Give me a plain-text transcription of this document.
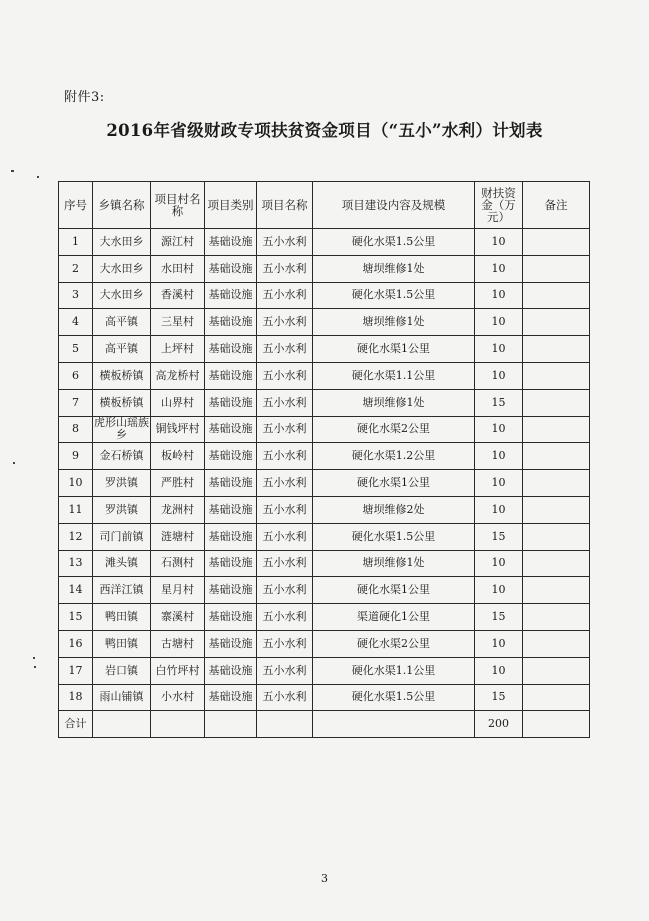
附件3:
2016年省级财政专项扶贫资金项目（“五小”水利）计划表
序号	乡镇名称	项目村名称	项目类别	项目名称	项目建设内容及规模	财扶资金（万元）	备注
1	大水田乡	源江村	基础设施	五小水利	硬化水渠1.5公里	10	
2	大水田乡	水田村	基础设施	五小水利	塘坝维修1处	10	
3	大水田乡	香溪村	基础设施	五小水利	硬化水渠1.5公里	10	
4	高平镇	三星村	基础设施	五小水利	塘坝维修1处	10	
5	高平镇	上坪村	基础设施	五小水利	硬化水渠1公里	10	
6	横板桥镇	高龙桥村	基础设施	五小水利	硬化水渠1.1公里	10	
7	横板桥镇	山界村	基础设施	五小水利	塘坝维修1处	15	
8	虎形山瑶族乡	铜钱坪村	基础设施	五小水利	硬化水渠2公里	10	
9	金石桥镇	板岭村	基础设施	五小水利	硬化水渠1.2公里	10	
10	罗洪镇	严胜村	基础设施	五小水利	硬化水渠1公里	10	
11	罗洪镇	龙洲村	基础设施	五小水利	塘坝维修2处	10	
12	司门前镇	涟塘村	基础设施	五小水利	硬化水渠1.5公里	15	
13	滩头镇	石测村	基础设施	五小水利	塘坝维修1处	10	
14	西洋江镇	星月村	基础设施	五小水利	硬化水渠1公里	10	
15	鸭田镇	寨溪村	基础设施	五小水利	渠道硬化1公里	15	
16	鸭田镇	古塘村	基础设施	五小水利	硬化水渠2公里	10	
17	岩口镇	白竹坪村	基础设施	五小水利	硬化水渠1.1公里	10	
18	雨山铺镇	小水村	基础设施	五小水利	硬化水渠1.5公里	15	
合计						200	
3
